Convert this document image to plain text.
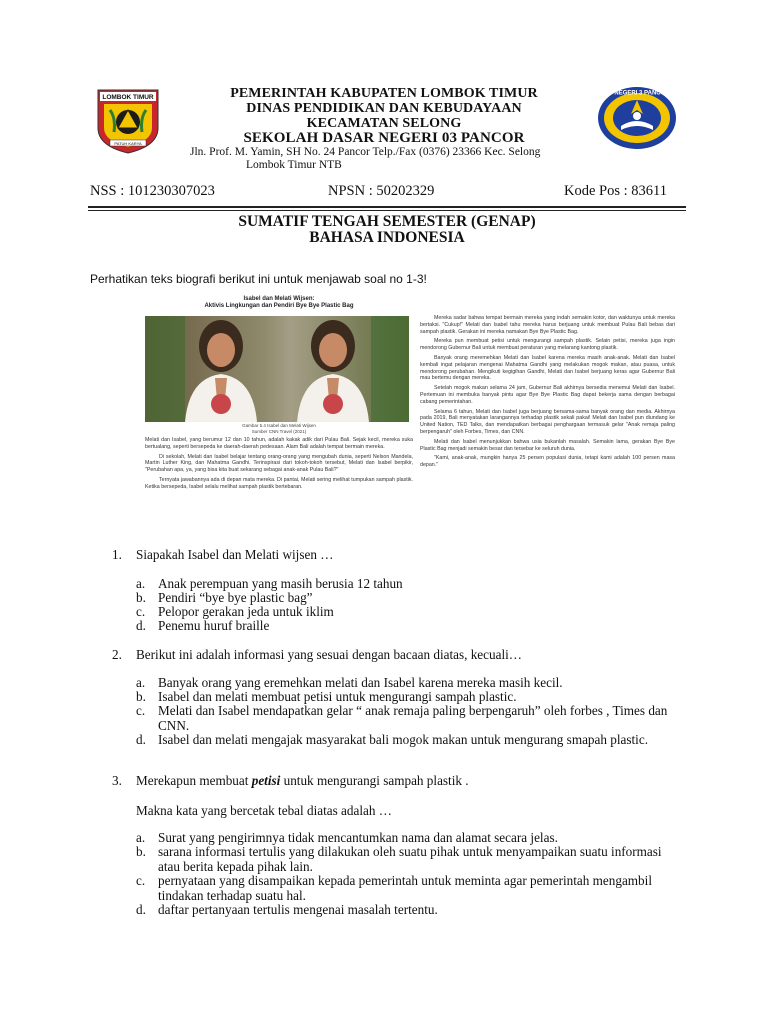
LOMBOK TIMUR
PATUH KARYA
PEMERINTAH KABUPATEN LOMBOK TIMUR
DINAS PENDIDIKAN DAN KEBUDAYAAN
KECAMATAN SELONG
SEKOLAH DASAR NEGERI 03 PANCOR
Jln. Prof. M. Yamin, SH No. 24 Pancor Telp./Fax (0376) 23366 Kec. Selong
Lombok Timur NTB
SD NEGERI 3 PANCOR
NSS : 101230307023	NPSN : 50202329	Kode Pos : 83611
SUMATIF TENGAH SEMESTER (GENAP)
BAHASA INDONESIA
Perhatikan teks biografi berikut ini untuk menjawab soal no 1-3!
Isabel dan Melati Wijsen:
Aktivis Lingkungan dan Pendiri Bye Bye Plastic Bag
Gambar 5.4 Isabel dan Melati Wijsen
Sumber CNN Travel (2021)
Melati dan Isabel, yang berumur 12 dan 10 tahun, adalah kakak adik dari Pulau Bali. Sejak kecil, mereka suka bertualang, seperti bersepeda ke daerah-daerah pedesaan. Alam Bali adalah tempat bermain mereka.
Di sekolah, Melati dan Isabel belajar tentang orang-orang yang mengubah dunia, seperti Nelson Mandela, Martin Luther King, dan Mahatma Gandhi. Terinspirasi dari tokoh-tokoh tersebut, Melati dan Isabel berpikir, "Perubahan apa, ya, yang bisa kita buat sekarang sebagai anak-anak Pulau Bali?"
Ternyata jawabannya ada di depan mata mereka. Di pantai, Melati sering melihat tumpukan sampah plastik. Ketika bersepeda, Isabel selalu melihat sampah plastik bertebaran.
Mereka sadar bahwa tempat bermain mereka yang indah semakin kotor, dan waktunya untuk mereka bertaksi. "Cukup!" Melati dan Isabel tahu mereka harus berjuang untuk membuat Pulau Bali bebas dari sampah plastik. Gerakan ini mereka namakan Bye Bye Plastic Bag.
Mereka pun membuat petisi untuk mengurangi sampah plastik. Selain petisi, mereka juga ingin mendorong Gubernur Bali untuk membuat peraturan yang melarang kantong plastik.
Banyak orang meremehkan Melati dan Isabel karena mereka masih anak-anak. Melati dan Isabel kembali ingat pelajaran mengenai Mahatma Gandhi yang melakukan mogok makan, atau puasa, untuk mendorong perubahan. Mengikuti kegigihan Gandhi, Melati dan Isabel berjuang keras agar Gubernur Bali mau bertemu dengan mereka.
Setelah mogok makan selama 24 jam, Gubernur Bali akhirnya bersedia menemui Melati dan Isabel. Pertemuan ini membuka banyak pintu agar Bye Bye Plastic Bag dapat bekerja sama dengan berbagai cabang pemerintahan.
Selama 6 tahun, Melati dan Isabel juga berjuang bersama-sama banyak orang dan media. Akhirnya pada 2019, Bali menyatakan larangannya terhadap plastik sekali pakai! Melati dan Isabel pun diundang ke United Nation, TED Talks, dan mendapatkan berbagai penghargaan termasuk gelar "Anak remaja paling berpengaruh" oleh Forbes, Times, dan CNN.
Melati dan Isabel menunjukkan bahwa usia bukanlah masalah. Semakin lama, gerakan Bye Bye Plastic Bag menjadi semakin besar dan tersebar ke seluruh dunia.
"Kami, anak-anak, mungkin hanya 25 persen populasi dunia, tetapi kami adalah 100 persen masa depan."
1.	Siapakah Isabel dan Melati wijsen …
a. Anak perempuan yang masih berusia 12 tahun
b. Pendiri “bye bye plastic bag”
c. Pelopor gerakan jeda untuk iklim
d. Penemu huruf braille
2.	Berikut ini adalah informasi yang sesuai dengan bacaan diatas, kecuali…
a. Banyak orang yang eremehkan melati dan Isabel karena mereka masih kecil.
b. Isabel dan melati membuat petisi untuk mengurangi sampah plastic.
c. Melati dan Isabel mendapatkan gelar “ anak remaja paling berpengaruh” oleh forbes , Times dan CNN.
d. Isabel dan melati mengajak masyarakat bali mogok makan untuk mengurang smapah plastic.
3.	Merekapun membuat petisi untuk mengurangi sampah plastik .
Makna kata yang bercetak tebal diatas adalah …
a. Surat yang pengirimnya tidak mencantumkan nama dan alamat secara jelas.
b. sarana informasi tertulis yang dilakukan oleh suatu pihak untuk menyampaikan suatu informasi atau berita kepada pihak lain.
c. pernyataan yang disampaikan kepada pemerintah untuk meminta agar pemerintah mengambil tindakan terhadap suatu hal.
d. daftar pertanyaan tertulis mengenai masalah tertentu.
